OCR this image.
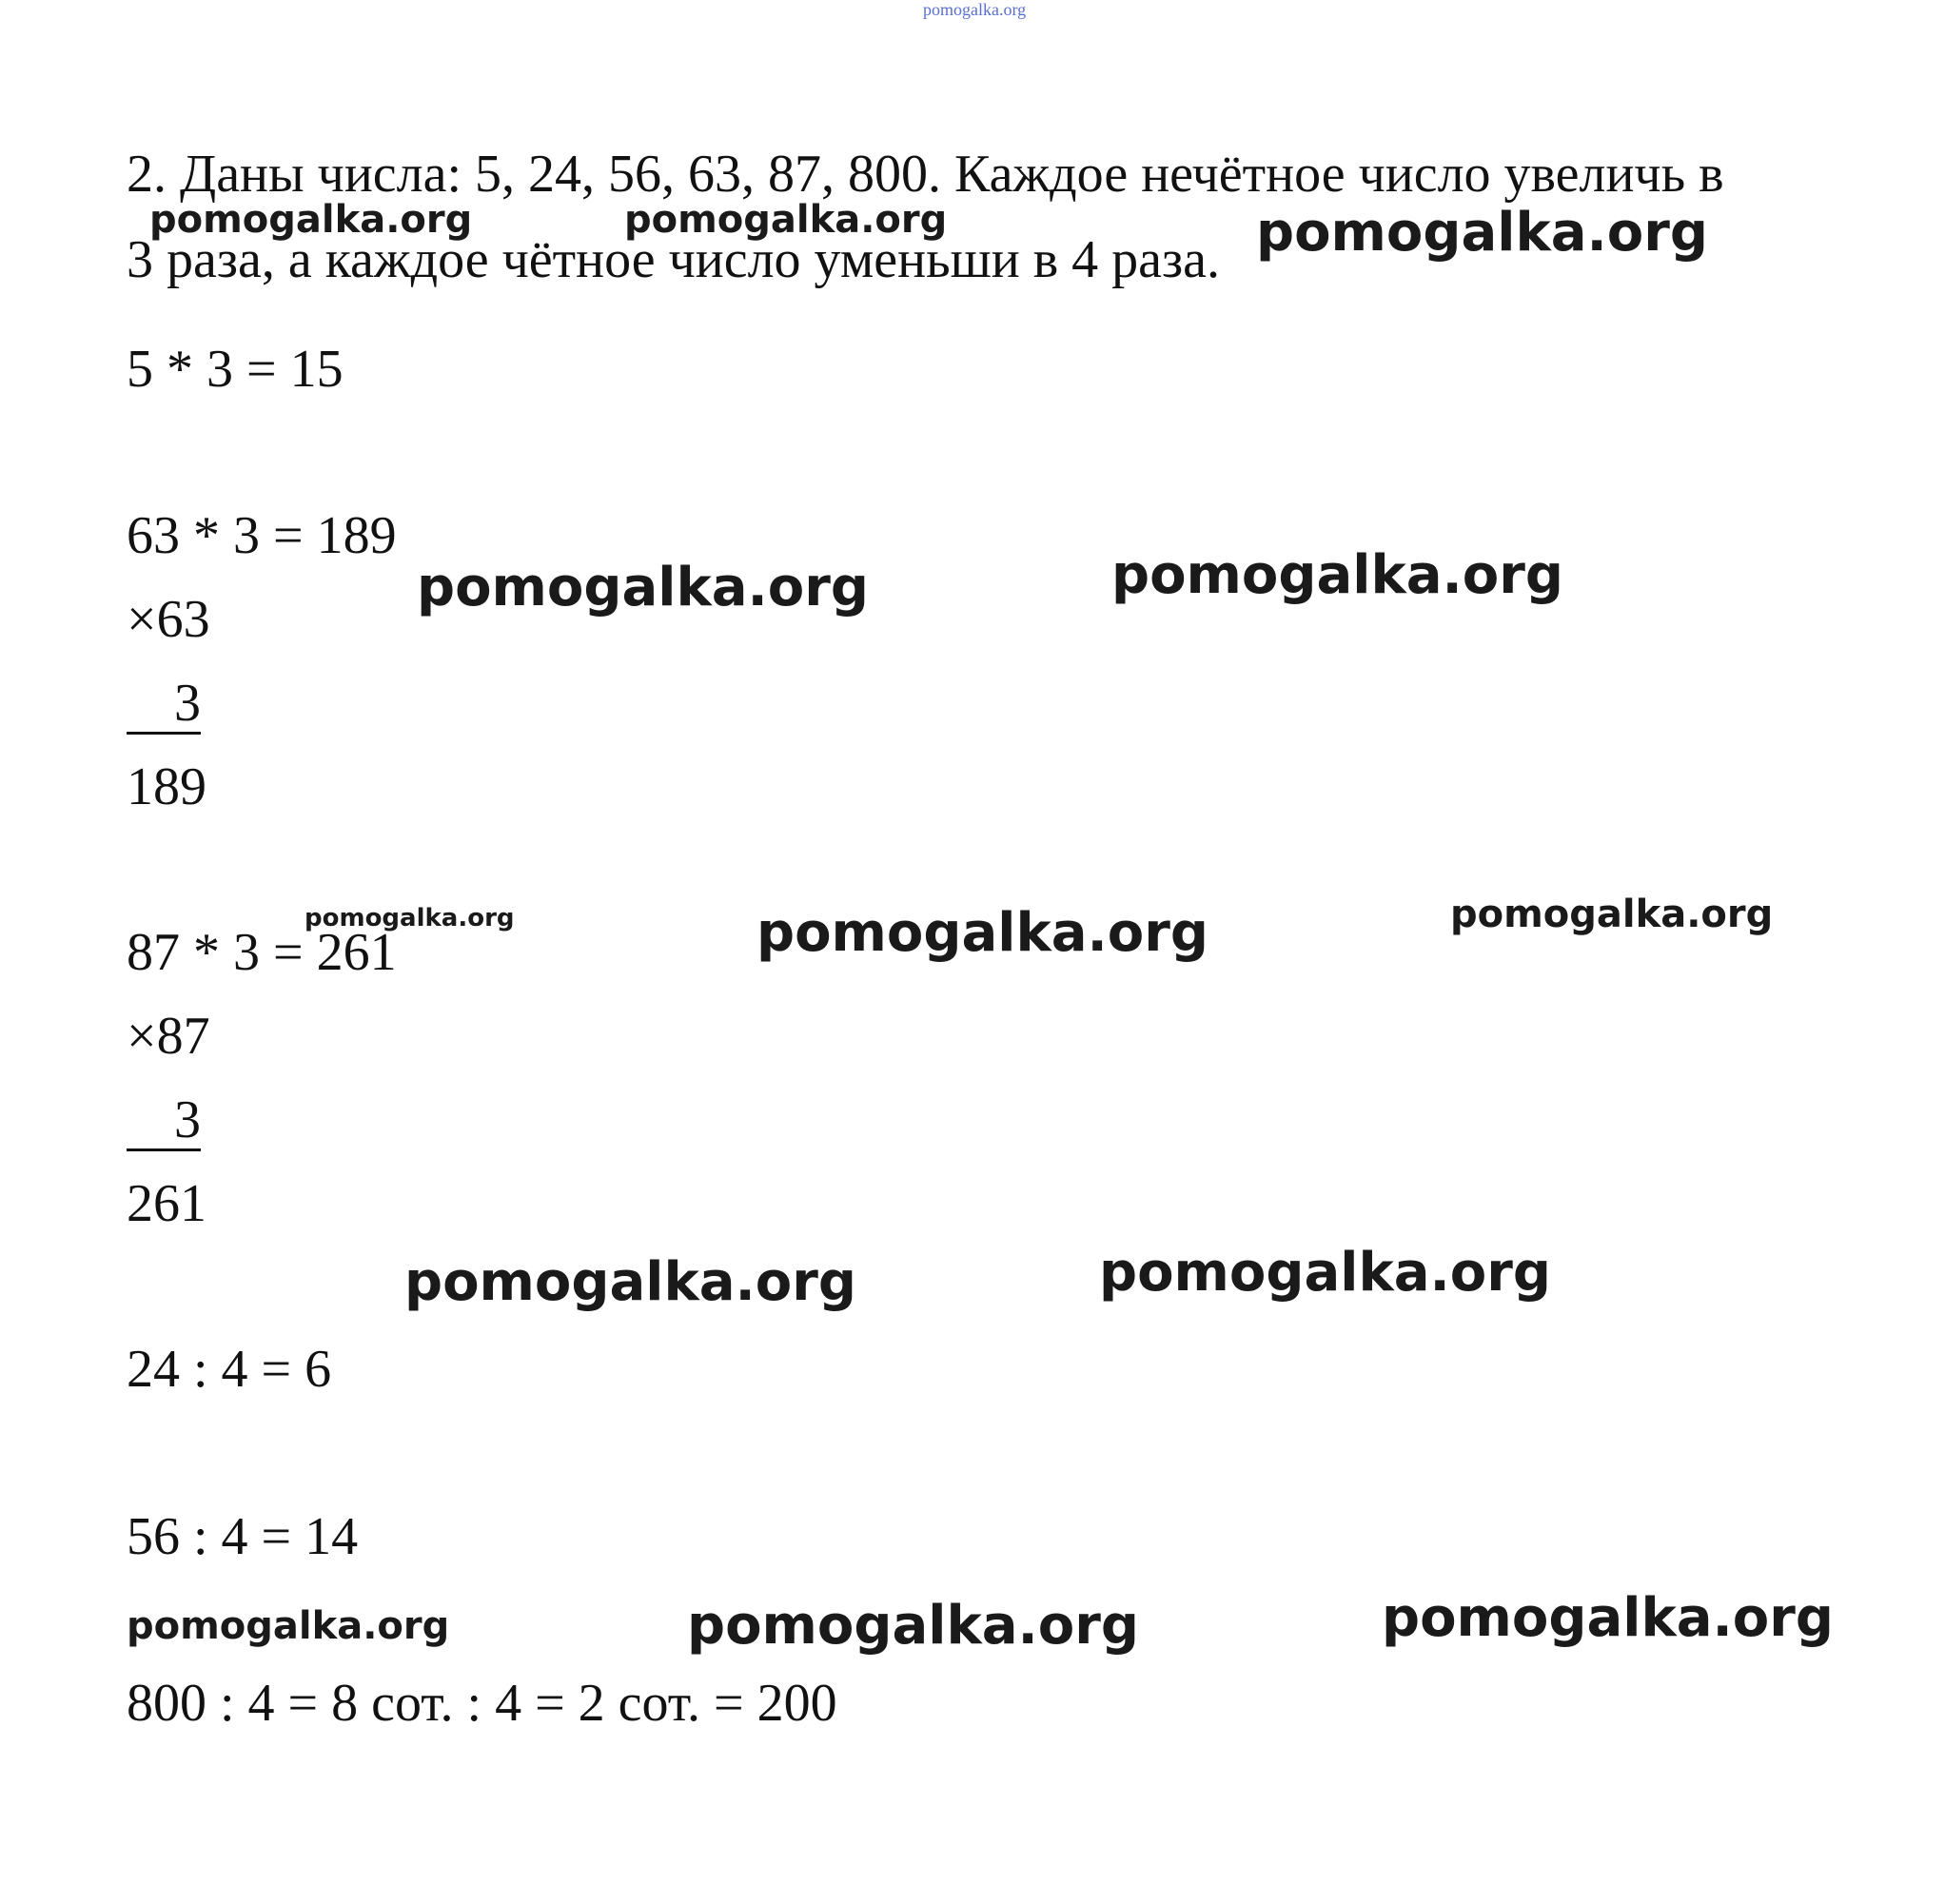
pomogalka.org
2. Даны числа: 5, 24, 56, 63, 87, 800. Каждое нечётное число увеличь в
3 раза, а каждое чётное число уменьши в 4 раза.
5 * 3 = 15
63 * 3 = 189
×63
3
189
87 * 3 = 261
×87
3
261
24 : 4 = 6
56 : 4 = 14
800 : 4 = 8 сот. : 4 = 2 сот. = 200
pomogalka.org	pomogalka.org	pomogalka.org
pomogalka.org	pomogalka.org
pomogalka.org	pomogalka.org	pomogalka.org
pomogalka.org	pomogalka.org
pomogalka.org	pomogalka.org	pomogalka.org
